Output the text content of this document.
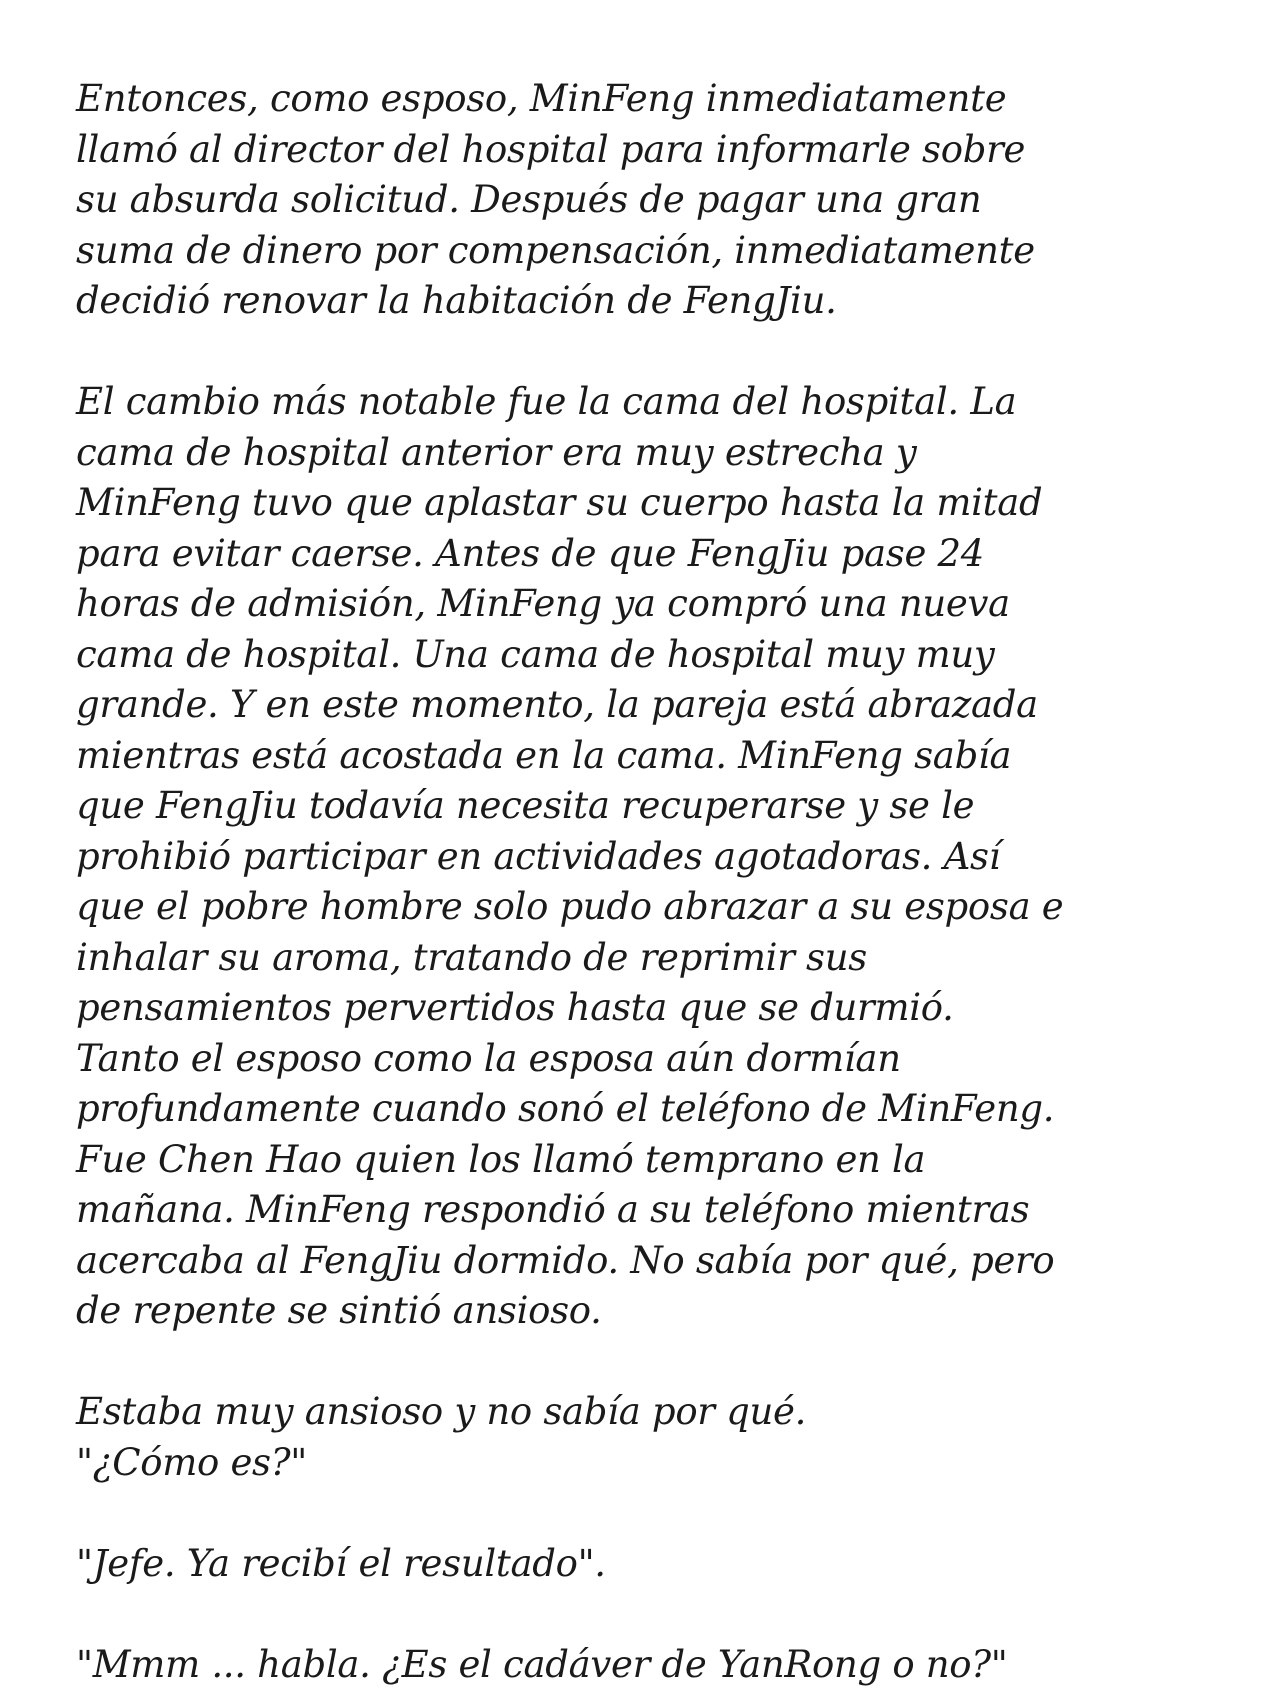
Entonces, como esposo, MinFeng inmediatamente
llamó al director del hospital para informarle sobre
su absurda solicitud. Después de pagar una gran
suma de dinero por compensación, inmediatamente
decidió renovar la habitación de FengJiu.

El cambio más notable fue la cama del hospital. La
cama de hospital anterior era muy estrecha y
MinFeng tuvo que aplastar su cuerpo hasta la mitad
para evitar caerse. Antes de que FengJiu pase 24
horas de admisión, MinFeng ya compró una nueva
cama de hospital. Una cama de hospital muy muy
grande. Y en este momento, la pareja está abrazada
mientras está acostada en la cama. MinFeng sabía
que FengJiu todavía necesita recuperarse y se le
prohibió participar en actividades agotadoras. Así
que el pobre hombre solo pudo abrazar a su esposa e
inhalar su aroma, tratando de reprimir sus
pensamientos pervertidos hasta que se durmió.
Tanto el esposo como la esposa aún dormían
profundamente cuando sonó el teléfono de MinFeng.
Fue Chen Hao quien los llamó temprano en la
mañana. MinFeng respondió a su teléfono mientras
acercaba al FengJiu dormido. No sabía por qué, pero
de repente se sintió ansioso.

Estaba muy ansioso y no sabía por qué.
"¿Cómo es?"

"Jefe. Ya recibí el resultado".

"Mmm ... habla. ¿Es el cadáver de YanRong o no?"
